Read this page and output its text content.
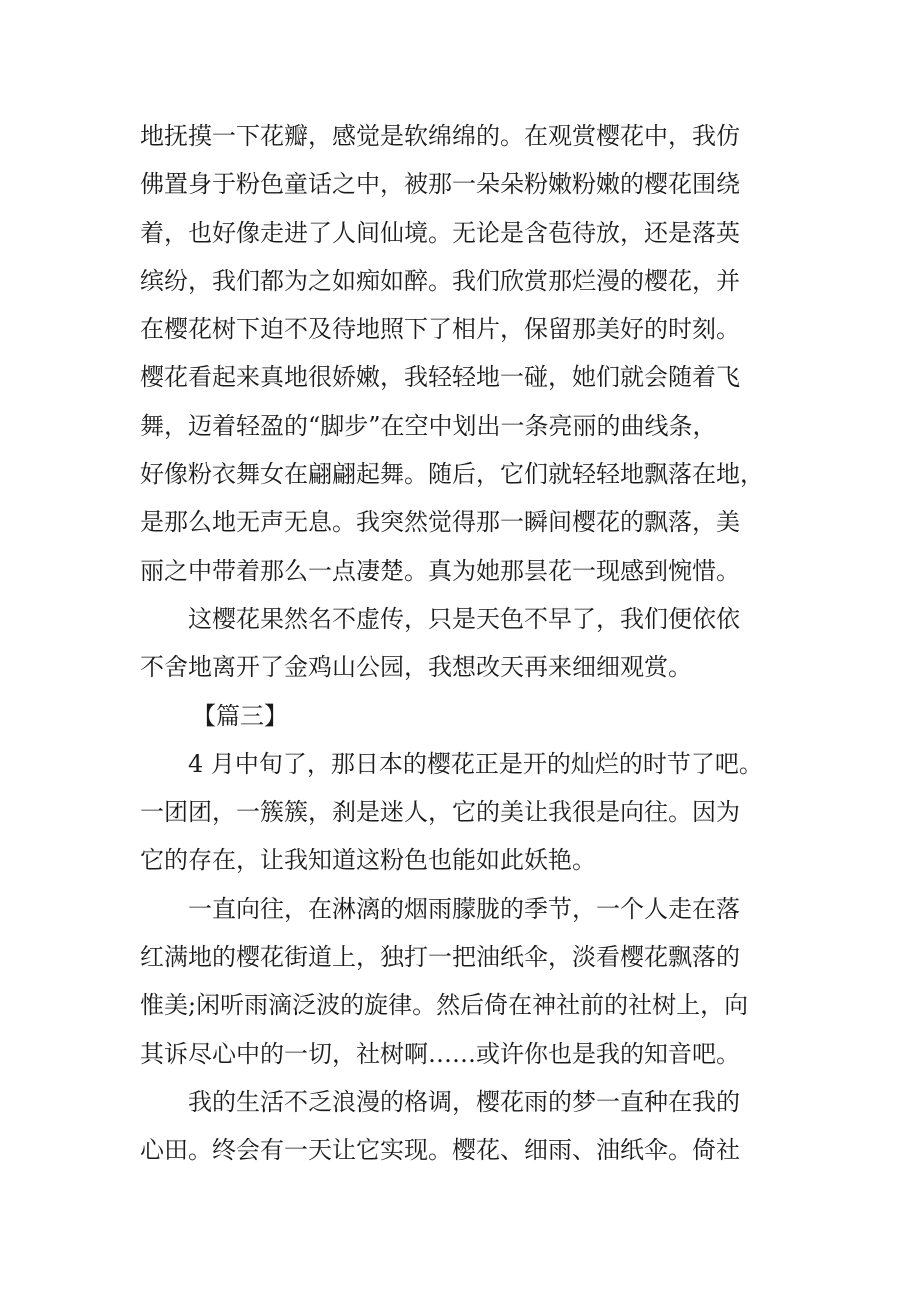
地抚摸一下花瓣，感觉是软绵绵的。在观赏樱花中，我仿
佛置身于粉色童话之中，被那一朵朵粉嫩粉嫩的樱花围绕
着，也好像走进了人间仙境。无论是含苞待放，还是落英
缤纷，我们都为之如痴如醉。我们欣赏那烂漫的樱花，并
在樱花树下迫不及待地照下了相片，保留那美好的时刻。
樱花看起来真地很娇嫩，我轻轻地一碰，她们就会随着飞
舞，迈着轻盈的“脚步”在空中划出一条亮丽的曲线条，
好像粉衣舞女在翩翩起舞。随后，它们就轻轻地飘落在地，
是那么地无声无息。我突然觉得那一瞬间樱花的飘落，美
丽之中带着那么一点凄楚。真为她那昙花一现感到惋惜。
这樱花果然名不虚传，只是天色不早了，我们便依依
不舍地离开了金鸡山公园，我想改天再来细细观赏。
【篇三】
4 月中旬了，那日本的樱花正是开的灿烂的时节了吧。
一团团，一簇簇，刹是迷人，它的美让我很是向往。因为
它的存在，让我知道这粉色也能如此妖艳。
一直向往，在淋漓的烟雨朦胧的季节，一个人走在落
红满地的樱花街道上，独打一把油纸伞，淡看樱花飘落的
惟美;闲听雨滴泛波的旋律。然后倚在神社前的社树上，向
其诉尽心中的一切，社树啊……或许你也是我的知音吧。
我的生活不乏浪漫的格调，樱花雨的梦一直种在我的
心田。终会有一天让它实现。樱花、细雨、油纸伞。倚社
